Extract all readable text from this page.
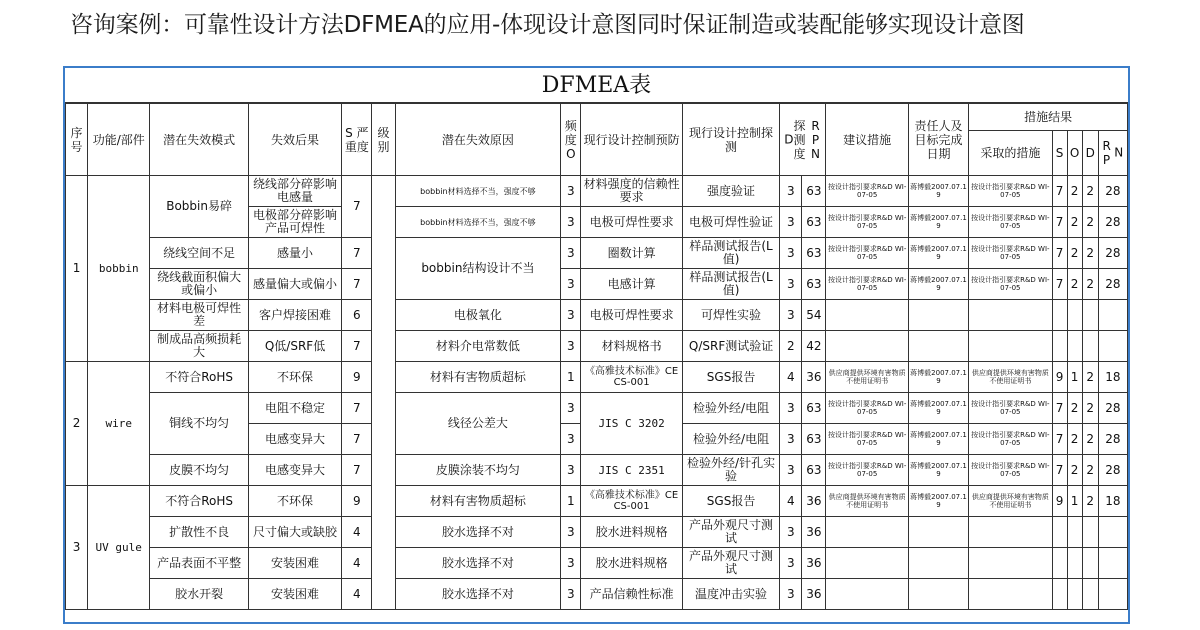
咨询案例：可靠性设计方法DFMEA的应用-体现设计意图同时保证制造或装配能够实现设计意图
DFMEA表
序号	功能/部件	潜在失效模式	失效后果	S 严重度	级别	潜在失效原因	频度O	现行设计控制预防	现行设计控制探测	D探测度RPN		建议措施	责任人及目标完成日期	措施结果				
														采取的措施	S	O	D	RP N
1	bobbin	Bobbin易碎	绕线部分碎影响电感量	7		bobbin材料选择不当，强度不够	3	材料强度的信赖性要求	强度验证	3	63	按设计指引要求R&D WI-07-05	蒋博毅2007.07.19	按设计指引要求R&D WI-07-05	7	2	2	28
			电极部分碎影响产品可焊性			bobbin材料选择不当，强度不够	3	电极可焊性要求	电极可焊性验证	3	63	按设计指引要求R&D WI-07-05	蒋博毅2007.07.19	按设计指引要求R&D WI-07-05	7	2	2	28
		绕线空间不足	感量小	7		bobbin结构设计不当	3	圈数计算	样品测试报告(L值)	3	63	按设计指引要求R&D WI-07-05	蒋博毅2007.07.19	按设计指引要求R&D WI-07-05	7	2	2	28
		绕线截面积偏大或偏小	感量偏大或偏小	7			3	电感计算	样品测试报告(L值)	3	63	按设计指引要求R&D WI-07-05	蒋博毅2007.07.19	按设计指引要求R&D WI-07-05	7	2	2	28
		材料电极可焊性差	客户焊接困难	6		电极氧化	3	电极可焊性要求	可焊性实验	3	54							
		制成品高频损耗大	Q低/SRF低	7		材料介电常数低	3	材料规格书	Q/SRF测试验证	2	42							
2	wire	不符合RoHS	不环保	9		材料有害物质超标	1	《高雅技术标准》CECS-001	SGS报告	4	36	供应商提供环境有害物质不使用证明书	蒋博毅2007.07.19	供应商提供环境有害物质不使用证明书	9	1	2	18
		铜线不均匀	电阻不稳定	7		线径公差大	3	JIS C 3202	检验外经/电阻	3	63	按设计指引要求R&D WI-07-05	蒋博毅2007.07.19	按设计指引要求R&D WI-07-05	7	2	2	28
			电感变异大	7			3		检验外经/电阻	3	63	按设计指引要求R&D WI-07-05	蒋博毅2007.07.19	按设计指引要求R&D WI-07-05	7	2	2	28
		皮膜不均匀	电感变异大	7		皮膜涂装不均匀	3	JIS C 2351	检验外经/针孔实验	3	63	按设计指引要求R&D WI-07-05	蒋博毅2007.07.19	按设计指引要求R&D WI-07-05	7	2	2	28
3	UV gule	不符合RoHS	不环保	9		材料有害物质超标	1	《高雅技术标准》CECS-001	SGS报告	4	36	供应商提供环境有害物质不使用证明书	蒋博毅2007.07.19	供应商提供环境有害物质不使用证明书	9	1	2	18
		扩散性不良	尺寸偏大或缺胶	4		胶水选择不对	3	胶水进料规格	产品外观尺寸测试	3	36							
		产品表面不平整	安装困难	4		胶水选择不对	3	胶水进料规格	产品外观尺寸测试	3	36							
		胶水开裂	安装困难	4		胶水选择不对	3	产品信赖性标准	温度冲击实验	3	36							
